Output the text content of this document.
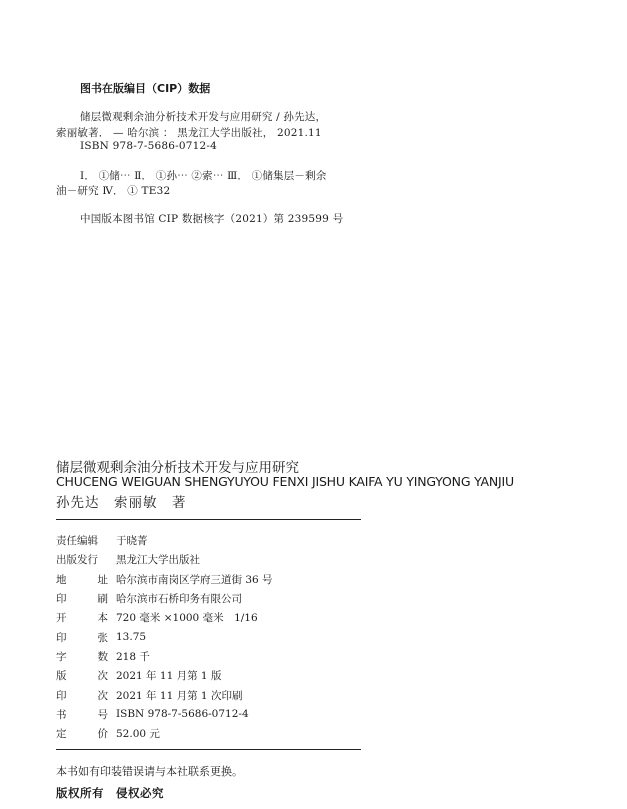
图书在版编目（CIP）数据
储层微观剩余油分析技术开发与应用研究 / 孙先达，
索丽敏著． — 哈尔滨 ： 黑龙江大学出版社， 2021.11
ISBN 978-7-5686-0712-4
Ⅰ． ①储⋯ Ⅱ． ①孙⋯ ②索⋯ Ⅲ． ①储集层－剩余
油－研究 Ⅳ． ① TE32
中国版本图书馆 CIP 数据核字（2021）第 239599 号
储层微观剩余油分析技术开发与应用研究
CHUCENG WEIGUAN SHENGYUYOU FENXI JISHU KAIFA YU YINGYONG YANJIU
孙先达　索丽敏　著
责任编辑 于晓菁
出版发行 黑龙江大学出版社
地	址 哈尔滨市南岗区学府三道街 36 号
印	刷 哈尔滨市石桥印务有限公司
开	本 720 毫米 ×1000 毫米　1/16
印	张 13.75
字	数 218 千
版	次 2021 年 11 月第 1 版
印	次 2021 年 11 月第 1 次印刷
书	号 ISBN 978-7-5686-0712-4
定	价 52.00 元
本书如有印装错误请与本社联系更换。
版权所有　侵权必究
